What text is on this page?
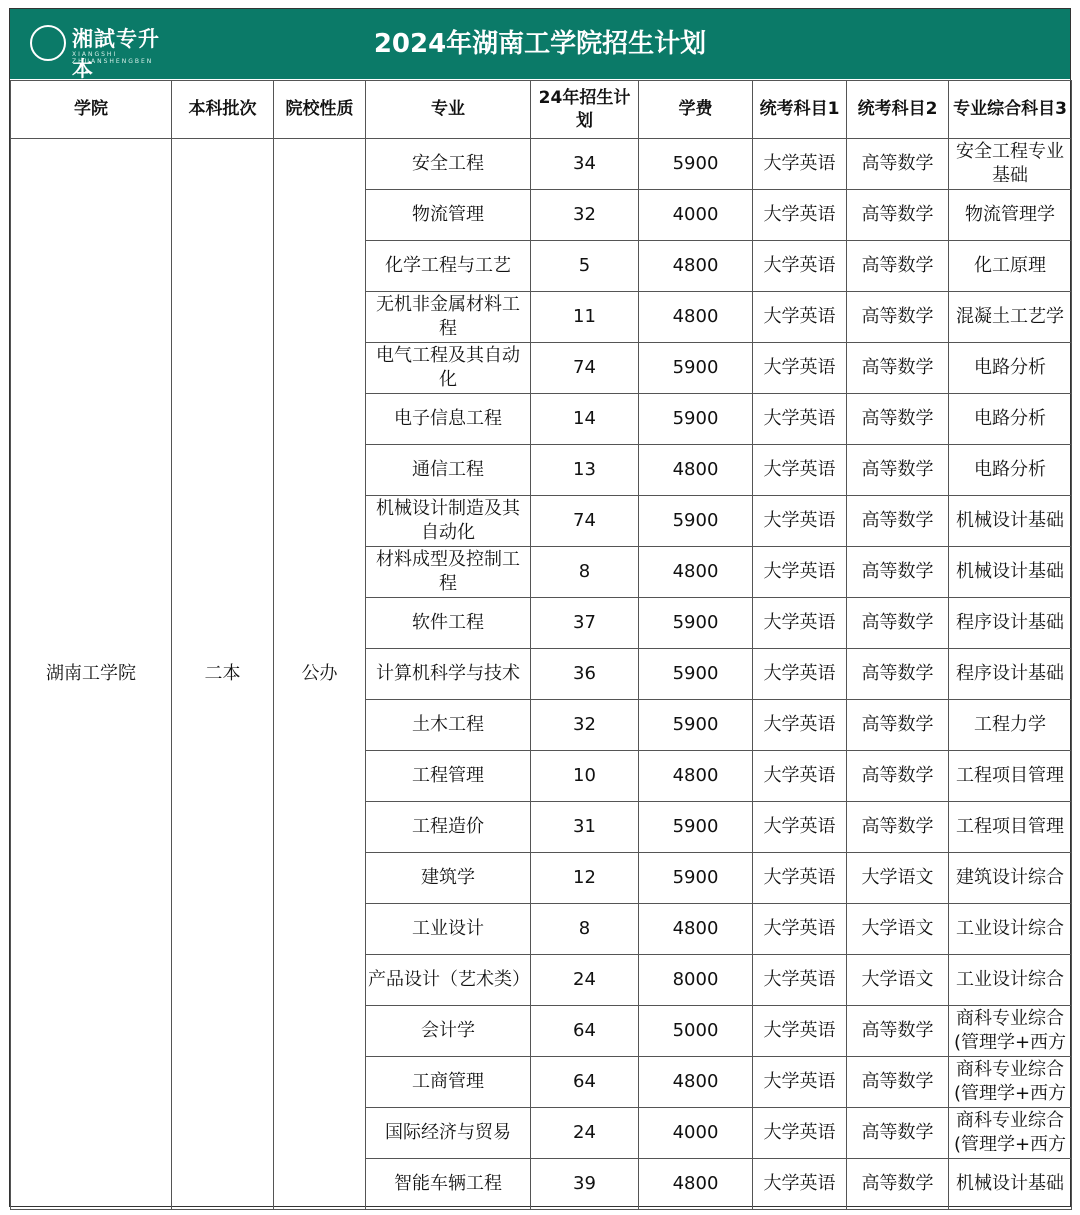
湘試专升本
XIANGSHI ZHUANSHENGBEN
2024年湖南工学院招生计划
学院	本科批次	院校性质	专业	24年招生计划	学费	统考科目1	统考科目2	专业综合科目3
湖南工学院	二本	公办	安全工程	34	5900	大学英语	高等数学	安全工程专业基础
			物流管理	32	4000	大学英语	高等数学	物流管理学
			化学工程与工艺	5	4800	大学英语	高等数学	化工原理
			无机非金属材料工程	11	4800	大学英语	高等数学	混凝土工艺学
			电气工程及其自动化	74	5900	大学英语	高等数学	电路分析
			电子信息工程	14	5900	大学英语	高等数学	电路分析
			通信工程	13	4800	大学英语	高等数学	电路分析
			机械设计制造及其自动化	74	5900	大学英语	高等数学	机械设计基础
			材料成型及控制工程	8	4800	大学英语	高等数学	机械设计基础
			软件工程	37	5900	大学英语	高等数学	程序设计基础
			计算机科学与技术	36	5900	大学英语	高等数学	程序设计基础
			土木工程	32	5900	大学英语	高等数学	工程力学
			工程管理	10	4800	大学英语	高等数学	工程项目管理
			工程造价	31	5900	大学英语	高等数学	工程项目管理
			建筑学	12	5900	大学英语	大学语文	建筑设计综合
			工业设计	8	4800	大学英语	大学语文	工业设计综合
			产品设计（艺术类）	24	8000	大学英语	大学语文	工业设计综合
			会计学	64	5000	大学英语	高等数学	商科专业综合(管理学+西方
			工商管理	64	4800	大学英语	高等数学	商科专业综合(管理学+西方
			国际经济与贸易	24	4000	大学英语	高等数学	商科专业综合(管理学+西方
			智能车辆工程	39	4800	大学英语	高等数学	机械设计基础
